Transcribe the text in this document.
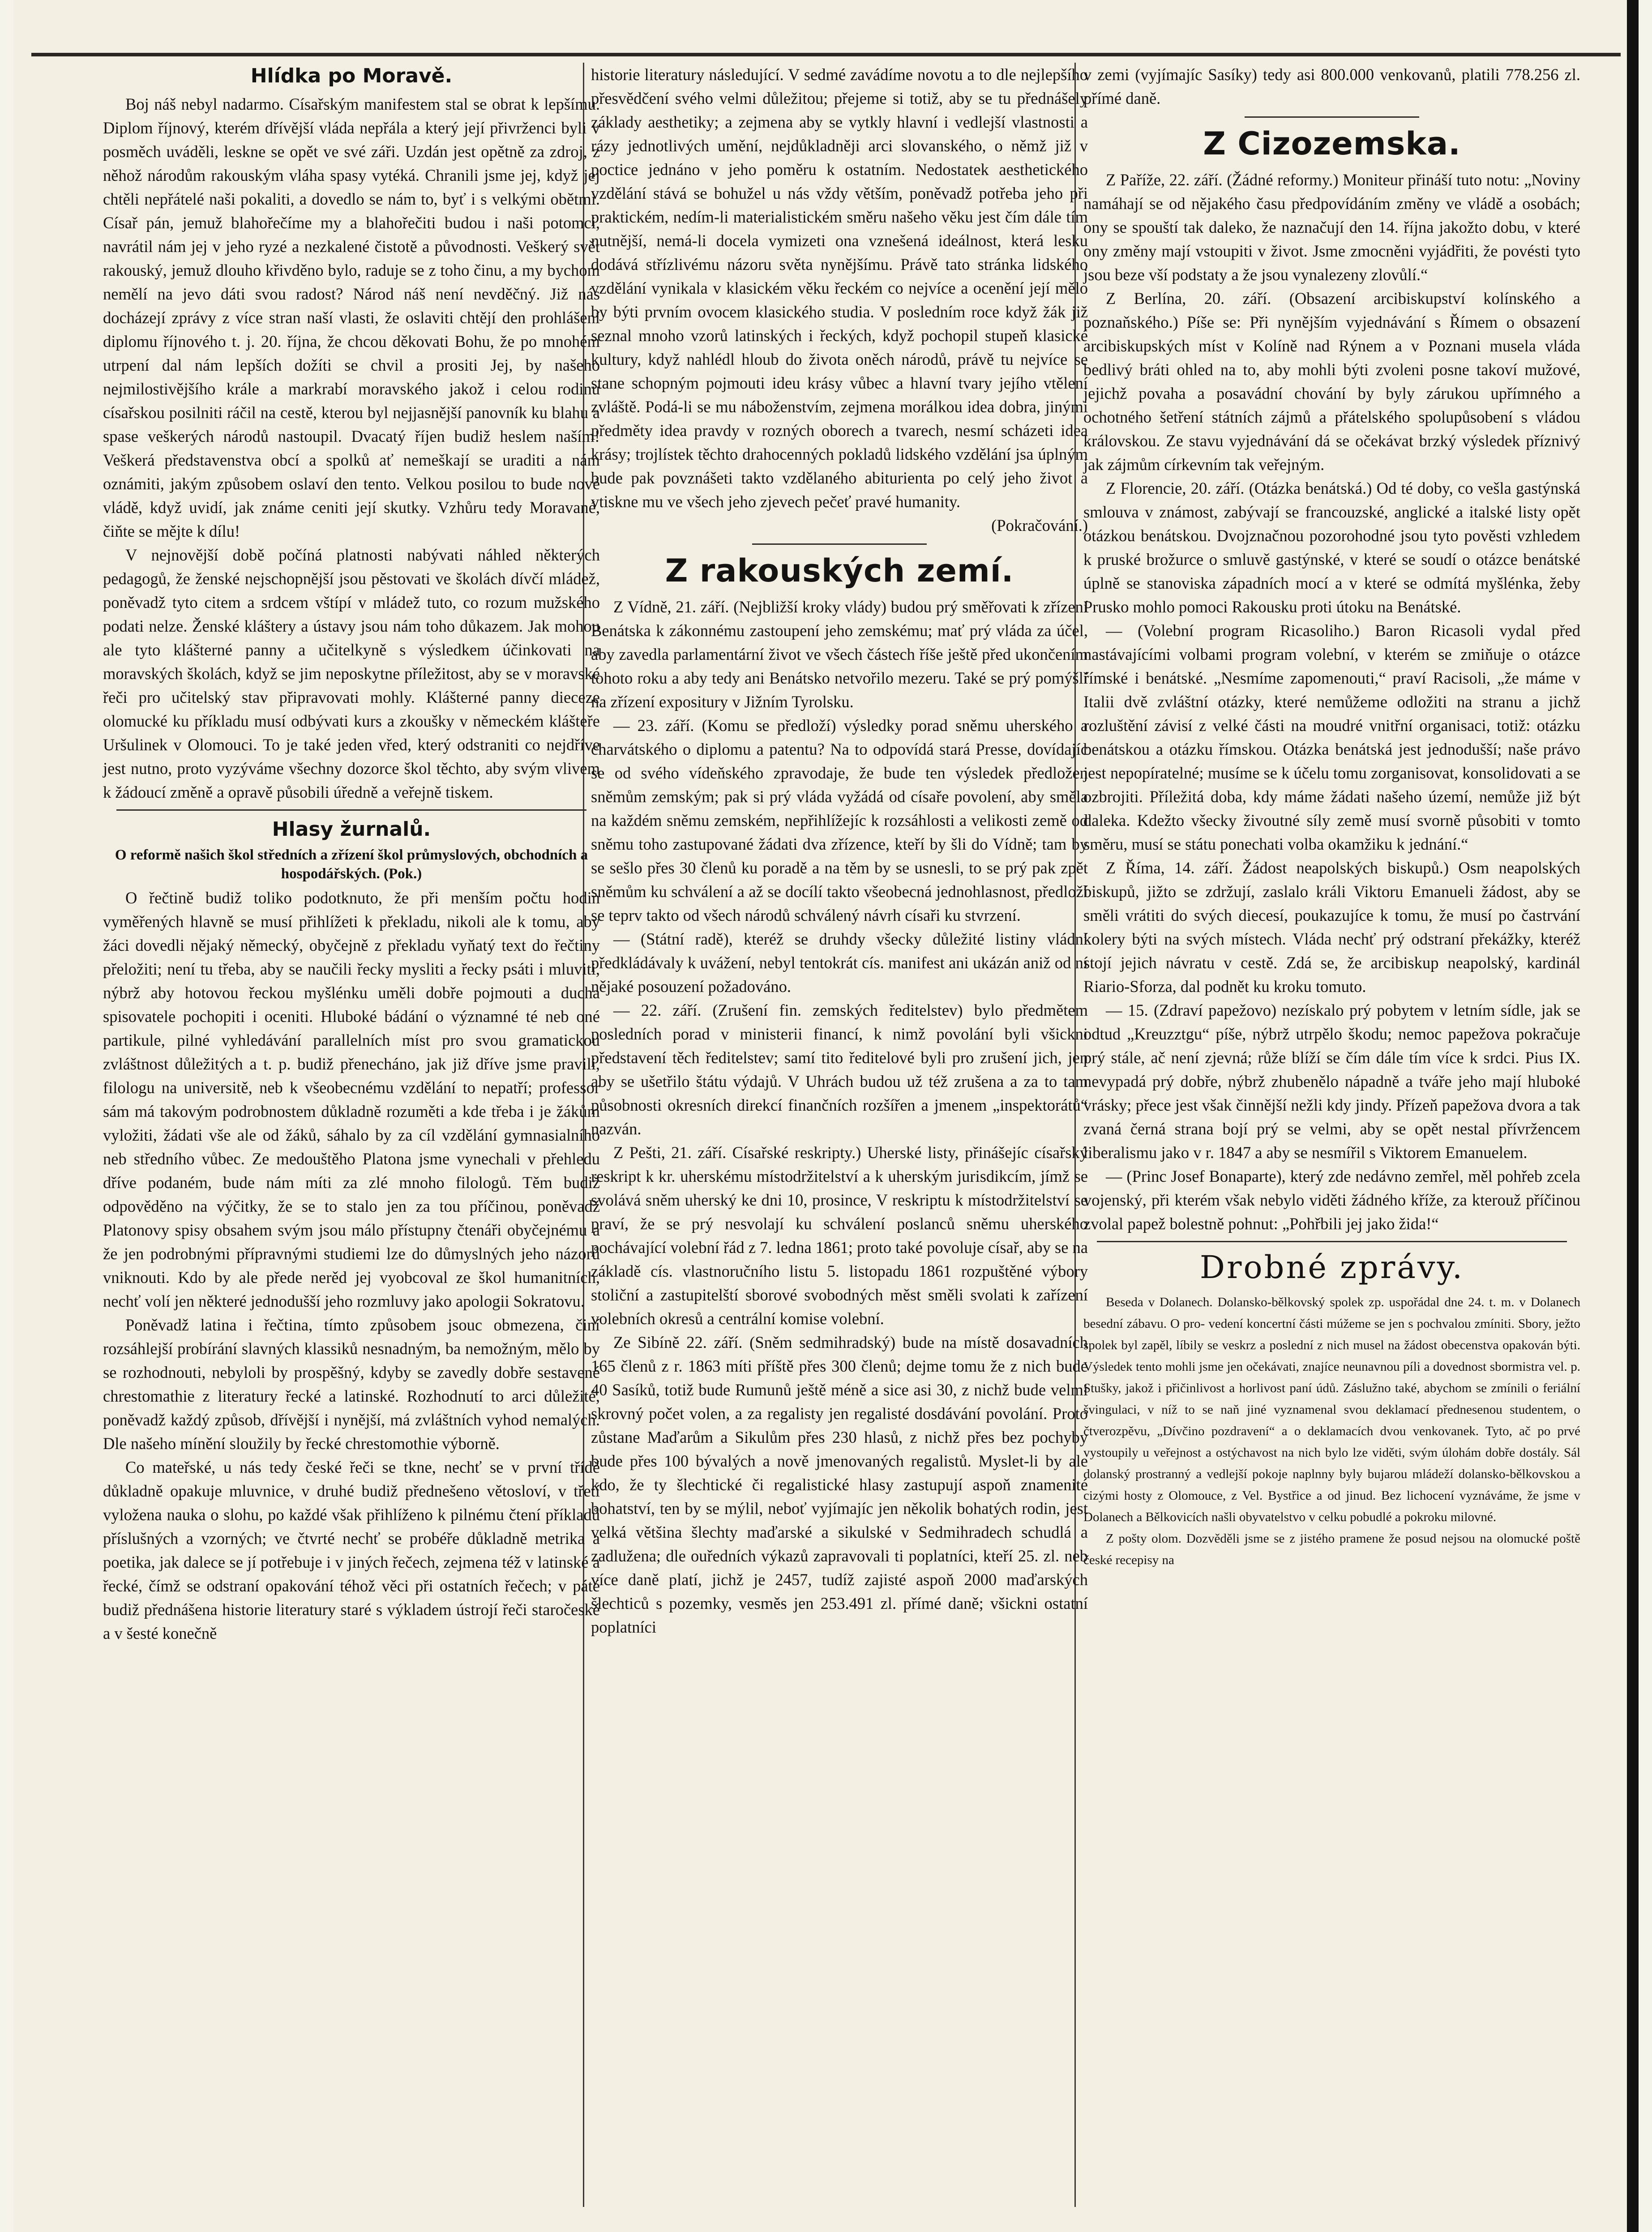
Hlídka po Moravě.

Boj náš nebyl nadarmo. Císařským manifestem stal se obrat k lepšímu. Diplom říjnový, kterém dřívější vláda nepřála a který její přivrženci byli v posměch uváděli, leskne se opět ve své záři. Uzdán jest opětně za zdroj, z něhož národům rakouským vláha spasy vytéká. Chranili jsme jej, když jej chtěli nepřátelé naši pokaliti, a dovedlo se nám to, byť i s velkými obětmi. Císař pán, jemuž blahořečíme my a blahořečiti budou i naši potomci, navrátil nám jej v jeho ryzé a nezkalené čistotě a původnosti. Veškerý svět rakouský, jemuž dlouho křivděno bylo, raduje se z toho činu, a my bychom nemělí na jevo dáti svou radost? Národ náš není nevděčný. Již nás docházejí zprávy z více stran naší vlasti, že oslaviti chtějí den prohlášení diplomu říjnového t. j. 20. října, že chcou děkovati Bohu, že po mnohém utrpení dal nám lepších dožíti se chvil a prositi Jej, by našeho nejmilostivějšího krále a markrabí moravského jakož i celou rodinu císařskou posilniti ráčil na cestě, kterou byl nejjasnější panovník ku blahu a spase veškerých národů nastoupil. Dvacatý říjen budiž heslem naším! Veškerá představenstva obcí a spolků ať nemeškají se uraditi a nám oznámiti, jakým způsobem oslaví den tento. Velkou posilou to bude nové vládě, když uvidí, jak známe ceniti její skutky. Vzhůru tedy Moravané, čiňte se mějte k dílu!

V nejnovější době počíná platnosti nabývati náhled některých pedagogů, že ženské nejschopnější jsou pěstovati ve školách dívčí mládež, poněvadž tyto citem a srdcem vštípí v mládež tuto, co rozum mužského podati nelze. Ženské kláštery a ústavy jsou nám toho důkazem. Jak mohou ale tyto klášterné panny a učitelkyně s výsledkem účinkovati na moravských školách, když se jim neposkytne příležitost, aby se v moravské řeči pro učitelský stav připravovati mohly. Klášterné panny dieceze olomucké ku příkladu musí odbývati kurs a zkoušky v německém klášteře Uršulinek v Olomouci. To je také jeden vřed, který odstraniti co nejdříve jest nutno, proto vyzýváme všechny dozorce škol těchto, aby svým vlivem k žádoucí změně a opravě působili úředně a veřejně tiskem.

Hlasy žurnalů.
O reformě našich škol středních a zřízení škol průmyslových, obchodních a hospodářských. (Pok.)

O řečtině budiž toliko podotknuto, že při menším počtu hodin vyměřených hlavně se musí přihlížeti k překladu, nikoli ale k tomu, aby žáci dovedli nějaký německý, obyčejně z překladu vyňatý text do řečtiny přeložiti; není tu třeba, aby se naučili řecky mysliti a řecky psáti i mluviti, nýbrž aby hotovou řeckou myšlénku uměli dobře pojmouti a ducha spisovatele pochopiti i oceniti. Hluboké bádání o významné té neb oné partikule, pilné vyhledávání parallelních míst pro svou gramatickou zvláštnost důležitých a t. p. budiž přenecháno, jak již dříve jsme pravili, filologu na universitě, neb k všeobecnému vzdělání to nepatří; professor sám má takovým podrobnostem důkladně rozuměti a kde třeba i je žákům vyložiti, žádati vše ale od žáků, sáhalo by za cíl vzdělání gymnasialního neb středního vůbec. Ze medouštěho Platona jsme vynechali v přehledu dříve podaném, bude nám míti za zlé mnoho filologů. Těm budiž odpověděno na výčitky, že se to stalo jen za tou příčinou, poněvadž Platonovy spisy obsahem svým jsou málo přístupny čtenáři obyčejnému a že jen podrobnými přípravnými studiemi lze do důmyslných jeho názorů vniknouti. Kdo by ale přede nerěd jej vyobcoval ze škol humanitních, nechť volí jen některé jednodušší jeho rozmluvy jako apologii Sokratovu.

Poněvadž latina i řečtina, tímto způsobem jsouc obmezena, činí rozsáhlejší probírání slavných klassiků nesnadným, ba nemožným, mělo by se rozhodnouti, nebyloli by prospěšný, kdyby se zavedly dobře sestavené chrestomathie z literatury řecké a latinské. Rozhodnutí to arci důležité, poněvadž každý způsob, dřívější i nynější, má zvláštních vyhod nemalých. Dle našeho mínění sloužily by řecké chrestomothie výborně.

Co mateřské, u nás tedy české řeči se tkne, nechť se v první třídě důkladně opakuje mluvnice, v druhé budiž přednešeno větosloví, v třetí vyložena nauka o slohu, po každé však přihlíženo k pilnému čtení příkladů příslušných a vzorných; ve čtvrté nechť se probéře důkladně metrika a poetika, jak dalece se jí potřebuje i v jiných řečech, zejmena též v latinské a řecké, čímž se odstraní opakování téhož věci při ostatních řečech; v páté budiž přednášena historie literatury staré s výkladem ústrojí řeči staročeské a v šesté konečně

historie literatury následující. V sedmé zavádíme novotu a to dle nejlepšího přesvědčení svého velmi důležitou; přejeme si totiž, aby se tu přednášely základy aesthetiky; a zejmena aby se vytkly hlavní i vedlejší vlastnosti a rázy jednotlivých umění, nejdůkladněji arci slovanského, o němž již v poctice jednáno v jeho poměru k ostatním. Nedostatek aesthetického vzdělání stává se bohužel u nás vždy větším, poněvadž potřeba jeho při praktickém, nedím-li materialistickém směru našeho věku jest čím dále tím nutnější, nemá-li docela vymizeti ona vznešená ideálnost, která lesku dodává střízlivému názoru světa nynějšímu. Právě tato stránka lidského vzdělání vynikala v klasickém věku řeckém co nejvíce a ocenění její mělo by býti prvním ovocem klasického studia. V posledním roce když žák již seznal mnoho vzorů latinských i řeckých, když pochopil stupeň klasické kultury, když nahlédl hloub do života oněch národů, právě tu nejvíce se stane schopným pojmouti ideu krásy vůbec a hlavní tvary jejího vtělení zvláště. Podá-li se mu náboženstvím, zejmena morálkou idea dobra, jinými předměty idea pravdy v rozných oborech a tvarech, nesmí scházeti idea krásy; trojlístek těchto drahocenných pokladů lidského vzdělání jsa úplným bude pak povznášeti takto vzdělaného abiturienta po celý jeho život a vtiskne mu ve všech jeho zjevech pečeť pravé humanity.

(Pokračování.)

Z rakouských zemí.

Z Vídně, 21. září. (Nejbližší kroky vlády) budou prý směřovati k zřízení Benátska k zákonnému zastoupení jeho zemskému; mať prý vláda za účel, aby zavedla parlamentární život ve všech částech říše ještě před ukončením tohoto roku a aby tedy ani Benátsko netvořilo mezeru. Také se prý pomýšlí na zřízení expositury v Jižním Tyrolsku.

— 23. září. (Komu se předloží) výsledky porad sněmu uherského a charvátského o diplomu a patentu? Na to odpovídá stará Presse, dovídajíc se od svého vídeňského zpravodaje, že bude ten výsledek předložen sněmům zemským; pak si prý vláda vyžádá od císaře povolení, aby směla na každém sněmu zemském, nepřihlížejíc k rozsáhlosti a velikosti země od sněmu toho zastupované žádati dva zřízence, kteří by šli do Vídně; tam by se sešlo přes 30 členů ku poradě a na těm by se usnesli, to se prý pak zpět sněmům ku schválení a až se docílí takto všeobecná jednohlasnost, předloží se teprv takto od všech národů schválený návrh císaři ku stvrzení.

— (Státní radě), kteréž se druhdy všecky důležité listiny vládní předkládávaly k uvážení, nebyl tentokrát cís. manifest ani ukázán aniž od ní nějaké posouzení požadováno.

— 22. září. (Zrušení fin. zemských ředitelstev) bylo předmětem posledních porad v ministerii financí, k nimž povolání byli všickni představení těch ředitelstev; samí tito ředitelové byli pro zrušení jich, jen aby se ušetřilo štátu výdajů. V Uhrách budou už též zrušena a za to tam působnosti okresních direkcí finančních rozšířen a jmenem „inspektorátů“ nazván.

Z Pešti, 21. září. Císařské reskripty.) Uherské listy, přinášejíc císařský reskript k kr. uherskému místodržitelství a k uherským jurisdikcím, jímž se svolává sněm uherský ke dni 10, prosince, V reskriptu k místodržitelství se praví, že se prý nesvolají ku schválení poslanců sněmu uherského pochávající volební řád z 7. ledna 1861; proto také povoluje císař, aby se na základě cís. vlastnoručního listu 5. listopadu 1861 rozpuštěné výbory stoliční a zastupitelští sborové svobodných měst směli svolati k zařízení volebních okresů a centrální komise volební.

Ze Sibíně 22. září. (Sněm sedmihradský) bude na místě dosavadních 165 členů z r. 1863 míti příště přes 300 členů; dejme tomu že z nich bude 40 Sasíků, totiž bude Rumunů ještě méně a sice asi 30, z nichž bude velmi skrovný počet volen, a za regalisty jen regalisté dosdávání povolání. Proto zůstane Maďarům a Sikulům přes 230 hlasů, z nichž přes bez pochyby bude přes 100 bývalých a nově jmenovaných regalistů. Myslet-li by ale kdo, že ty šlechtické či regalistické hlasy zastupují aspoň znamenité bohatství, ten by se mýlil, neboť vyjímajíc jen několik bohatých rodin, jest velká většina šlechty maďarské a sikulské v Sedmihradech schudlá a zadlužena; dle ouředních výkazů zapravovali ti poplatníci, kteří 25. zl. neb více daně platí, jichž je 2457, tudíž zajisté aspoň 2000 maďarských šlechticů s pozemky, vesměs jen 253.491 zl. přímé daně; všickni ostatní poplatníci

v zemi (vyjímajíc Sasíky) tedy asi 800.000 venkovanů, platili 778.256 zl. přímé daně.

Z Cizozemska.

Z Paříže, 22. září. (Žádné reformy.) Moniteur přináší tuto notu: „Noviny namáhají se od nějakého času předpovídáním změny ve vládě a osobách; ony se spouští tak daleko, že naznačují den 14. října jakožto dobu, v které ony změny mají vstoupiti v život. Jsme zmocněni vyjádřiti, že povésti tyto jsou beze vší podstaty a že jsou vynalezeny zlovůlí.“

Z Berlína, 20. září. (Obsazení arcibiskupství kolínského a poznaňského.) Píše se: Při nynějším vyjednávání s Římem o obsazení arcibiskupských míst v Kolíně nad Rýnem a v Poznani musela vláda bedlivý bráti ohled na to, aby mohli býti zvoleni posne takoví mužové, jejichž povaha a posavádní chování by byly zárukou upřímného a ochotného šetření státních zájmů a přátelského spolupůsobení s vládou královskou. Ze stavu vyjednávání dá se očekávat brzký výsledek příznivý jak zájmům církevním tak veřejným.

Z Florencie, 20. září. (Otázka benátská.) Od té doby, co vešla gastýnská smlouva v známost, zabývají se francouzské, anglické a italské listy opět otázkou benátskou. Dvojznačnou pozorohodné jsou tyto pověsti vzhledem k pruské brožurce o smluvě gastýnské, v které se soudí o otázce benátské úplně se stanoviska západních mocí a v které se odmítá myšlénka, žeby Prusko mohlo pomoci Rakousku proti útoku na Benátské.

— (Volební program Ricasoliho.) Baron Ricasoli vydal před nastávajícími volbami program volební, v kterém se zmiňuje o otázce římské i benátské. „Nesmíme zapomenouti,“ praví Racisoli, „že máme v Italii dvě zvláštní otázky, které nemůžeme odložiti na stranu a jichž rozluštění závisí z velké části na moudré vnitřní organisaci, totiž: otázku benátskou a otázku římskou. Otázka benátská jest jednodušší; naše právo jest nepopíratelné; musíme se k účelu tomu zorganisovat, konsolidovati a se ozbrojiti. Příležitá doba, kdy máme žádati našeho území, nemůže již být daleka. Kdežto všecky živoutné síly země musí svorně působiti v tomto směru, musí se státu ponechati volba okamžiku k jednání.“

Z Říma, 14. září. Žádost neapolských biskupů.) Osm neapolských biskupů, jižto se zdržují, zaslalo králi Viktoru Emanueli žádost, aby se směli vrátiti do svých diecesí, poukazujíce k tomu, že musí po častrvání kolery býti na svých místech. Vláda nechť prý odstraní překážky, kteréž stojí jejich návratu v cestě. Zdá se, že arcibiskup neapolský, kardinál Riario-Sforza, dal podnět ku kroku tomuto.

— 15. (Zdraví papežovo) nezískalo prý pobytem v letním sídle, jak se odtud „Kreuzztgu“ píše, nýbrž utrpělo škodu; nemoc papežova pokračuje prý stále, ač není zjevná; růže blíží se čím dále tím více k srdci. Pius IX. nevypadá prý dobře, nýbrž zhubenělo nápadně a tváře jeho mají hluboké vrásky; přece jest však činnější nežli kdy jindy. Přízeň papežova dvora a tak zvaná černá strana bojí prý se velmi, aby se opět nestal přívržencem liberalismu jako v r. 1847 a aby se nesmířil s Viktorem Emanuelem.

— (Princ Josef Bonaparte), který zde nedávno zemřel, měl pohřeb zcela vojenský, při kterém však nebylo viděti žádného kříže, za kterouž příčinou zvolal papež bolestně pohnut: „Pohřbili jej jako žida!“

Drobné zprávy.

Beseda v Dolanech. Dolansko-bělkovský spolek zp. uspořádal dne 24. t. m. v Dolanech besední zábavu. O pro- vedení koncertní části múžeme se jen s pochvalou zmíniti. Sbory, ježto spolek byl zapěl, líbily se veskrz a poslední z nich musel na žádost obecenstva opakován býti. Výsledek tento mohli jsme jen očekávati, znajíce neunavnou píli a dovednost sbormistra vel. p. Stušky, jakož i přičinlivost a horlivost paní údů. Záslužno také, abychom se zmínili o feriální švingulaci, v níž to se naň jiné vyznamenal svou deklamací přednesenou studentem, o čtverozpěvu, „Dívčino pozdravení“ a o deklamacích dvou venkovanek. Tyto, ač po prvé vystoupily u veřejnost a ostýchavost na nich bylo lze viděti, svým úlohám dobře dostály. Sál dolanský prostranný a vedlejší pokoje naplnny byly bujarou mládeží dolansko-bělkovskou a cizými hosty z Olomouce, z Vel. Bystřice a od jinud. Bez lichocení vyznáváme, že jsme v Dolanech a Bělkovicích našli obyvatelstvo v celku pobudlé a pokroku milovné.

Z pošty olom. Dozvěděli jsme se z jistého pramene že posud nejsou na olomucké poště české recepisy na
